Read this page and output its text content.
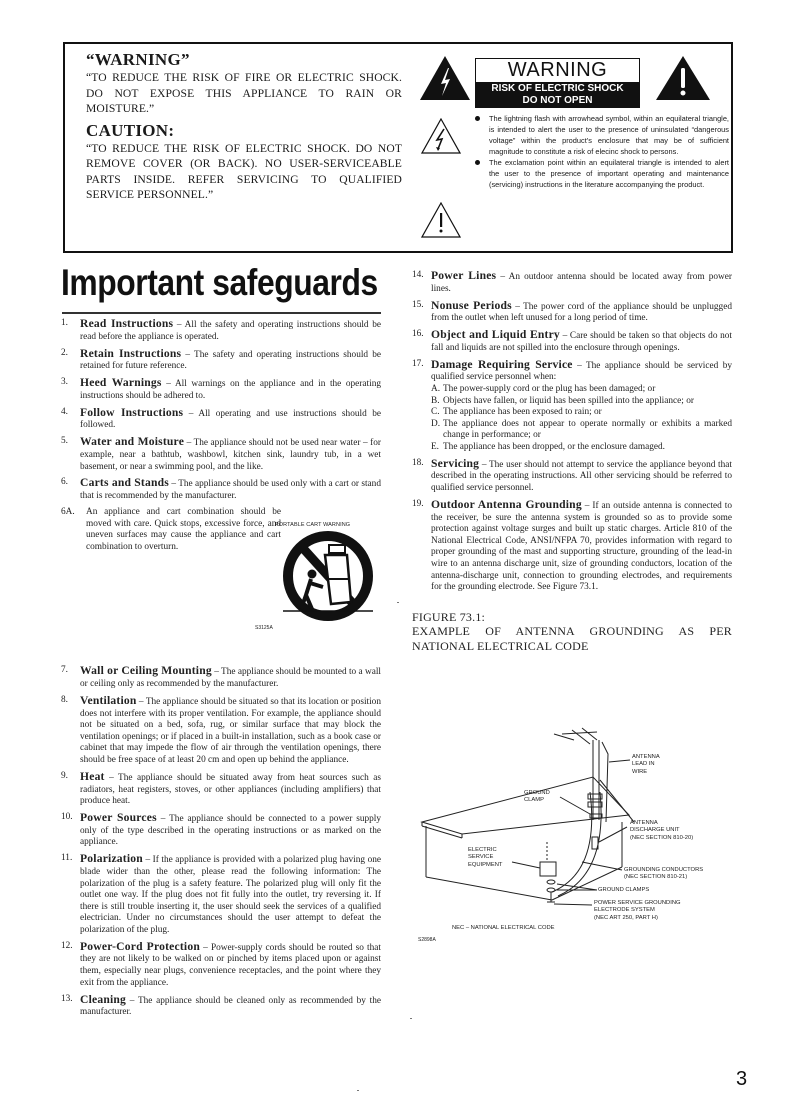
“WARNING”
“TO REDUCE THE RISK OF FIRE OR ELECTRIC SHOCK. DO NOT EXPOSE THIS APPLIANCE TO RAIN OR MOISTURE.”
CAUTION:
“TO REDUCE THE RISK OF ELECTRIC SHOCK. DO NOT REMOVE COVER (OR BACK). NO USER-SERVICEABLE PARTS INSIDE. REFER SERVICING TO QUALIFIED SERVICE PERSONNEL.”
WARNING
RISK OF ELECTRIC SHOCK
DO NOT OPEN
The lightning flash with arrowhead symbol, within an equilateral triangle, is intended to alert the user to the presence of uninsulated “dangerous voltage” within the product’s enclosure that may be of sufficient magnitude to constitute a risk of elecinc shock to persons.
The exclamation point within an equilateral triangle is intended to alert the user to the presence of important operating and maintenance (servicing) instructions in the literature accompanying the product.
Important safeguards
1. Read Instructions – All the safety and operating instructions should be read before the appliance is operated.
2. Retain Instructions – The safety and operating instructions should be retained for future reference.
3. Heed Warnings – All warnings on the appliance and in the operating instructions should be adhered to.
4. Follow Instructions – All operating and use instructions should be followed.
5. Water and Moisture – The appliance should not be used near water – for example, near a bathtub, washbowl, kitchen sink, laundry tub, in a wet basement, or near a swimming pool, and the like.
6. Carts and Stands – The appliance should be used only with a cart or stand that is recommended by the manufacturer.
6A. An appliance and cart combination should be moved with care. Quick stops, excessive force, and uneven surfaces may cause the appliance and cart combination to overturn.
PORTABLE CART WARNING
S3125A
7. Wall or Ceiling Mounting – The appliance should be mounted to a wall or ceiling only as recommended by the manufacturer.
8. Ventilation – The appliance should be situated so that its location or position does not interfere with its proper ventilation. For example, the appliance should not be situated on a bed, sofa, rug, or similar surface that may block the ventilation openings; or if placed in a built-in installation, such as a book case or cabinet that may impede the flow of air through the ventilation openings, there should be free space of at least 20 cm and open up behind the appliance.
9. Heat – The appliance should be situated away from heat sources such as radiators, heat registers, stoves, or other appliances (including amplifiers) that produce heat.
10. Power Sources – The appliance should be connected to a power supply only of the type described in the operating instructions or as marked on the appliance.
11. Polarization – If the appliance is provided with a polarized plug having one blade wider than the other, please read the following information: The polarization of the plug is a safety feature. The polarized plug will only fit the outlet one way. If the plug does not fit fully into the outlet, try reversing it. If there is still trouble inserting it, the user should seek the services of a qualified electrician. Under no circumstances should the user attempt to defeat the polarization of the plug.
12. Power-Cord Protection – Power-supply cords should be routed so that they are not likely to be walked on or pinched by items placed upon or against them, especially near plugs, convenience receptacles, and the point where they exit from the appliance.
13. Cleaning – The appliance should be cleaned only as recommended by the manufacturer.
14. Power Lines – An outdoor antenna should be located away from power lines.
15. Nonuse Periods – The power cord of the appliance should be unplugged from the outlet when left unused for a long period of time.
16. Object and Liquid Entry – Care should be taken so that objects do not fall and liquids are not spilled into the enclosure through openings.
17. Damage Requiring Service – The appliance should be serviced by qualified service personnel when:
A. The power-supply cord or the plug has been damaged; or
B. Objects have fallen, or liquid has been spilled into the appliance; or
C. The appliance has been exposed to rain; or
D. The appliance does not appear to operate normally or exhibits a marked change in performance; or
E. The appliance has been dropped, or the enclosure damaged.
18. Servicing – The user should not attempt to service the appliance beyond that described in the operating instructions. All other servicing should be referred to qualified service personnel.
19. Outdoor Antenna Grounding – If an outside antenna is connected to the receiver, be sure the antenna system is grounded so as to provide some protection against voltage surges and built up static charges. Article 810 of the National Electrical Code, ANSI/NFPA 70, provides information with regard to proper grounding of the mast and supporting structure, grounding of the lead-in wire to an antenna discharge unit, size of grounding conductors, location of the antenna-discharge unit, connection to grounding electrodes, and requirements for the grounding electrode. See Figure 73.1.
FIGURE 73.1:
EXAMPLE OF ANTENNA GROUNDING AS PER
NATIONAL ELECTRICAL CODE
ANTENNA
LEAD IN
WIRE
GROUND
CLAMP
ANTENNA
DISCHARGE UNIT
(NEC SECTION 810-20)
ELECTRIC
SERVICE
EQUIPMENT
GROUNDING CONDUCTORS
(NEC SECTION 810-21)
GROUND CLAMPS
POWER SERVICE GROUNDING
ELECTRODE SYSTEM
(NEC ART 250, PART H)
NEC – NATIONAL ELECTRICAL CODE
S2898A
3
